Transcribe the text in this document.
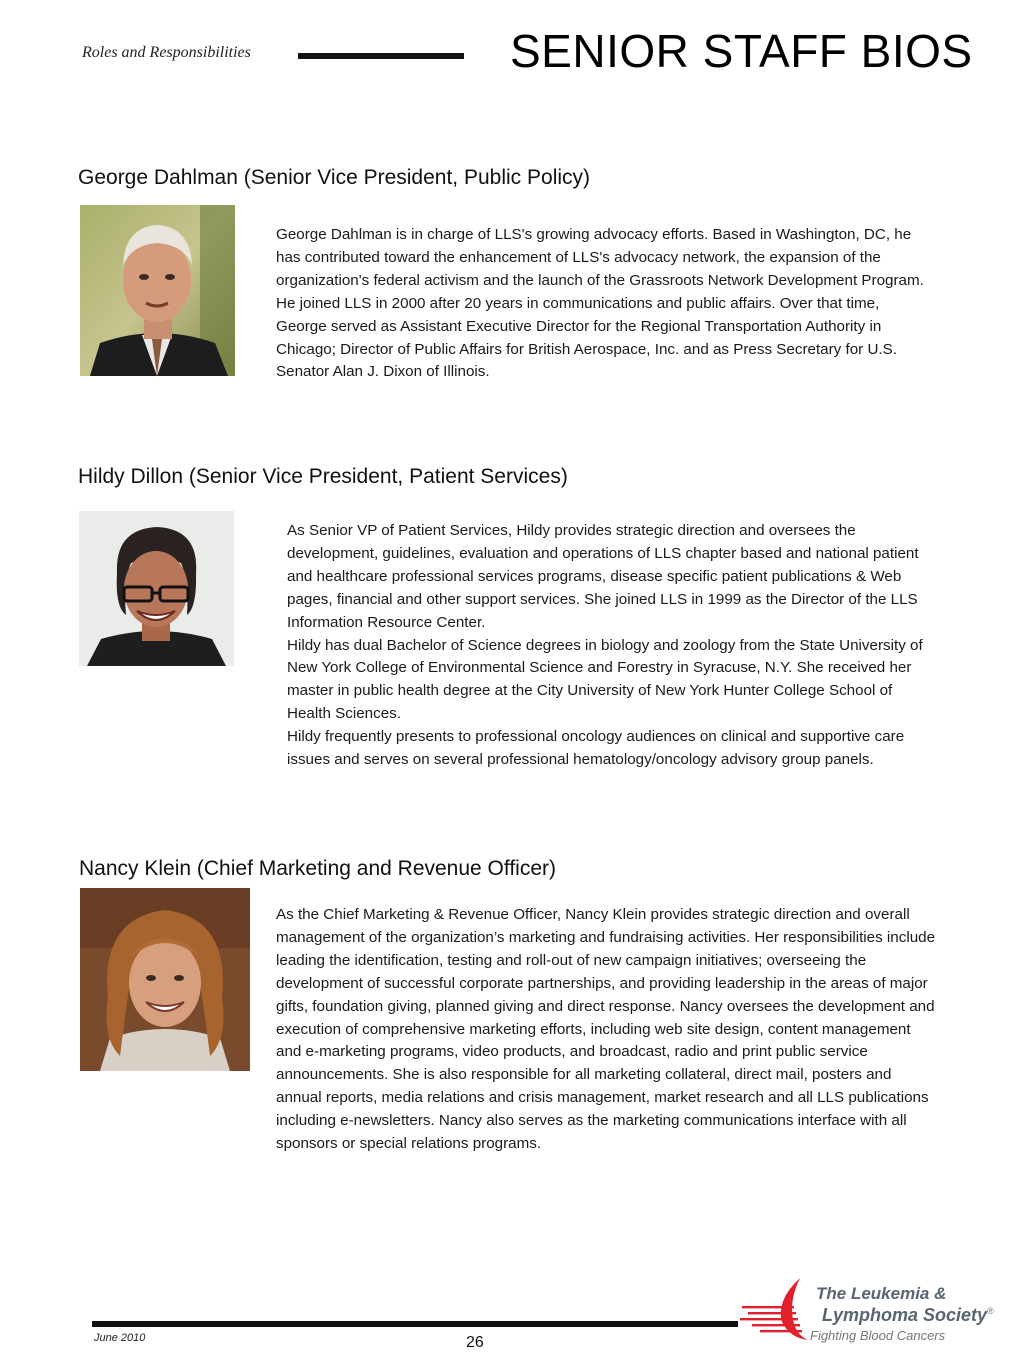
Roles and Responsibilities	SENIOR STAFF BIOS
George Dahlman (Senior Vice President, Public Policy)

George Dahlman is in charge of LLS's growing advocacy efforts. Based in Washington, DC, he has contributed toward the enhancement of LLS's advocacy network, the expansion of the organization's federal activism and the launch of the Grassroots Network Development Program. He joined LLS in 2000 after 20 years in communications and public affairs. Over that time, George served as Assistant Executive Director for the Regional Transportation Authority in Chicago; Director of Public Affairs for British Aerospace, Inc. and as Press Secretary for U.S. Senator Alan J. Dixon of Illinois.

Hildy Dillon (Senior Vice President, Patient Services)

As Senior VP of Patient Services, Hildy provides strategic direction and oversees the development, guidelines, evaluation and operations of LLS chapter based and national patient and healthcare professional services programs, disease specific patient publications & Web pages, financial and other support services. She joined LLS in 1999 as the Director of the LLS Information Resource Center.

Hildy has dual Bachelor of Science degrees in biology and zoology from the State University of New York College of Environmental Science and Forestry in Syracuse, N.Y. She received her master in public health degree at the City University of New York Hunter College School of Health Sciences.

Hildy frequently presents to professional oncology audiences on clinical and supportive care issues and serves on several professional hematology/oncology advisory group panels.

Nancy Klein (Chief Marketing and Revenue Officer)

As the Chief Marketing & Revenue Officer, Nancy Klein provides strategic direction and overall management of the organization’s marketing and fundraising activities. Her responsibilities include leading the identification, testing and roll-out of new campaign initiatives; overseeing the development of successful corporate partnerships, and providing leadership in the areas of major gifts, foundation giving, planned giving and direct response. Nancy oversees the development and execution of comprehensive marketing efforts, including web site design, content management and e-marketing programs, video products, and broadcast, radio and print public service announcements. She is also responsible for all marketing collateral, direct mail, posters and annual reports, media relations and crisis management, market research and all LLS publications including e-newsletters. Nancy also serves as the marketing communications interface with all sponsors or special relations programs.

June 2010	26
The Leukemia &
Lymphoma Society®
Fighting Blood Cancers
